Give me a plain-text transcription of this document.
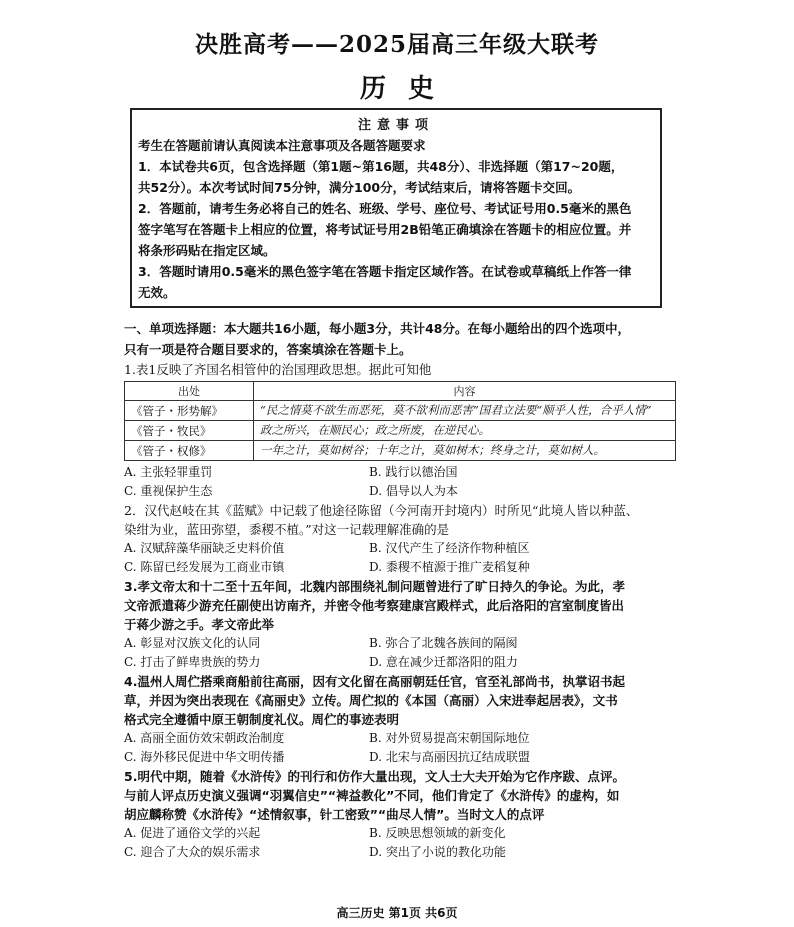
决胜高考——2025届高三年级大联考
历史
注意事项
考生在答题前请认真阅读本注意事项及各题答题要求
1．本试卷共6页，包含选择题（第1题~第16题，共48分）、非选择题（第17~20题，
共52分）。本次考试时间75分钟，满分100分，考试结束后，请将答题卡交回。
2．答题前，请考生务必将自己的姓名、班级、学号、座位号、考试证号用0.5毫米的黑色
签字笔写在答题卡上相应的位置，将考试证号用2B铅笔正确填涂在答题卡的相应位置。并
将条形码贴在指定区域。
3．答题时请用0.5毫米的黑色签字笔在答题卡指定区域作答。在试卷或草稿纸上作答一律
无效。
一、单项选择题：本大题共16小题，每小题3分，共计48分。在每小题给出的四个选项中，
只有一项是符合题目要求的，答案填涂在答题卡上。
1.表1反映了齐国名相管仲的治国理政思想。据此可知他
出处	内容
《管子・形势解》	“民之情莫不欲生而恶死，莫不欲利而恶害”国君立法要“顺乎人性，合乎人情”
《管子・牧民》	政之所兴，在顺民心；政之所废，在逆民心。
《管子・权修》	一年之计，莫如树谷；十年之计，莫如树木；终身之计，莫如树人。
A. 主张轻罪重罚	B. 践行以德治国
C. 重视保护生态	D. 倡导以人为本
2．汉代赵岐在其《蓝赋》中记载了他途径陈留（今河南开封境内）时所见“此境人皆以种蓝、
染绀为业，蓝田弥望，黍稷不植。”对这一记载理解准确的是
A. 汉赋辞藻华丽缺乏史料价值	B. 汉代产生了经济作物种植区
C. 陈留已经发展为工商业市镇	D. 黍稷不植源于推广麦稻复种
3.孝文帝太和十二至十五年间，北魏内部围绕礼制问题曾进行了旷日持久的争论。为此，孝
文帝派遣蒋少游充任副使出访南齐，并密令他考察建康宫殿样式，此后洛阳的宫室制度皆出
于蒋少游之手。孝文帝此举
A. 彰显对汉族文化的认同	B. 弥合了北魏各族间的隔阂
C. 打击了鲜卑贵族的势力	D. 意在减少迁都洛阳的阻力
4.温州人周伫搭乘商船前往高丽，因有文化留在高丽朝廷任官，官至礼部尚书，执掌诏书起
草，并因为突出表现在《高丽史》立传。周伫拟的《本国（高丽）入宋进奉起居表》，文书
格式完全遵循中原王朝制度礼仪。周伫的事迹表明
A. 高丽全面仿效宋朝政治制度	B. 对外贸易提高宋朝国际地位
C. 海外移民促进中华文明传播	D. 北宋与高丽因抗辽结成联盟
5.明代中期，随着《水浒传》的刊行和仿作大量出现，文人士大夫开始为它作序跋、点评。
与前人评点历史演义强调“羽翼信史”“裨益教化”不同，他们肯定了《水浒传》的虚构，如
胡应麟称赞《水浒传》“述情叙事，针工密致”“曲尽人情”。当时文人的点评
A. 促进了通俗文学的兴起	B. 反映思想领域的新变化
C. 迎合了大众的娱乐需求	D. 突出了小说的教化功能
高三历史 第1页 共6页
